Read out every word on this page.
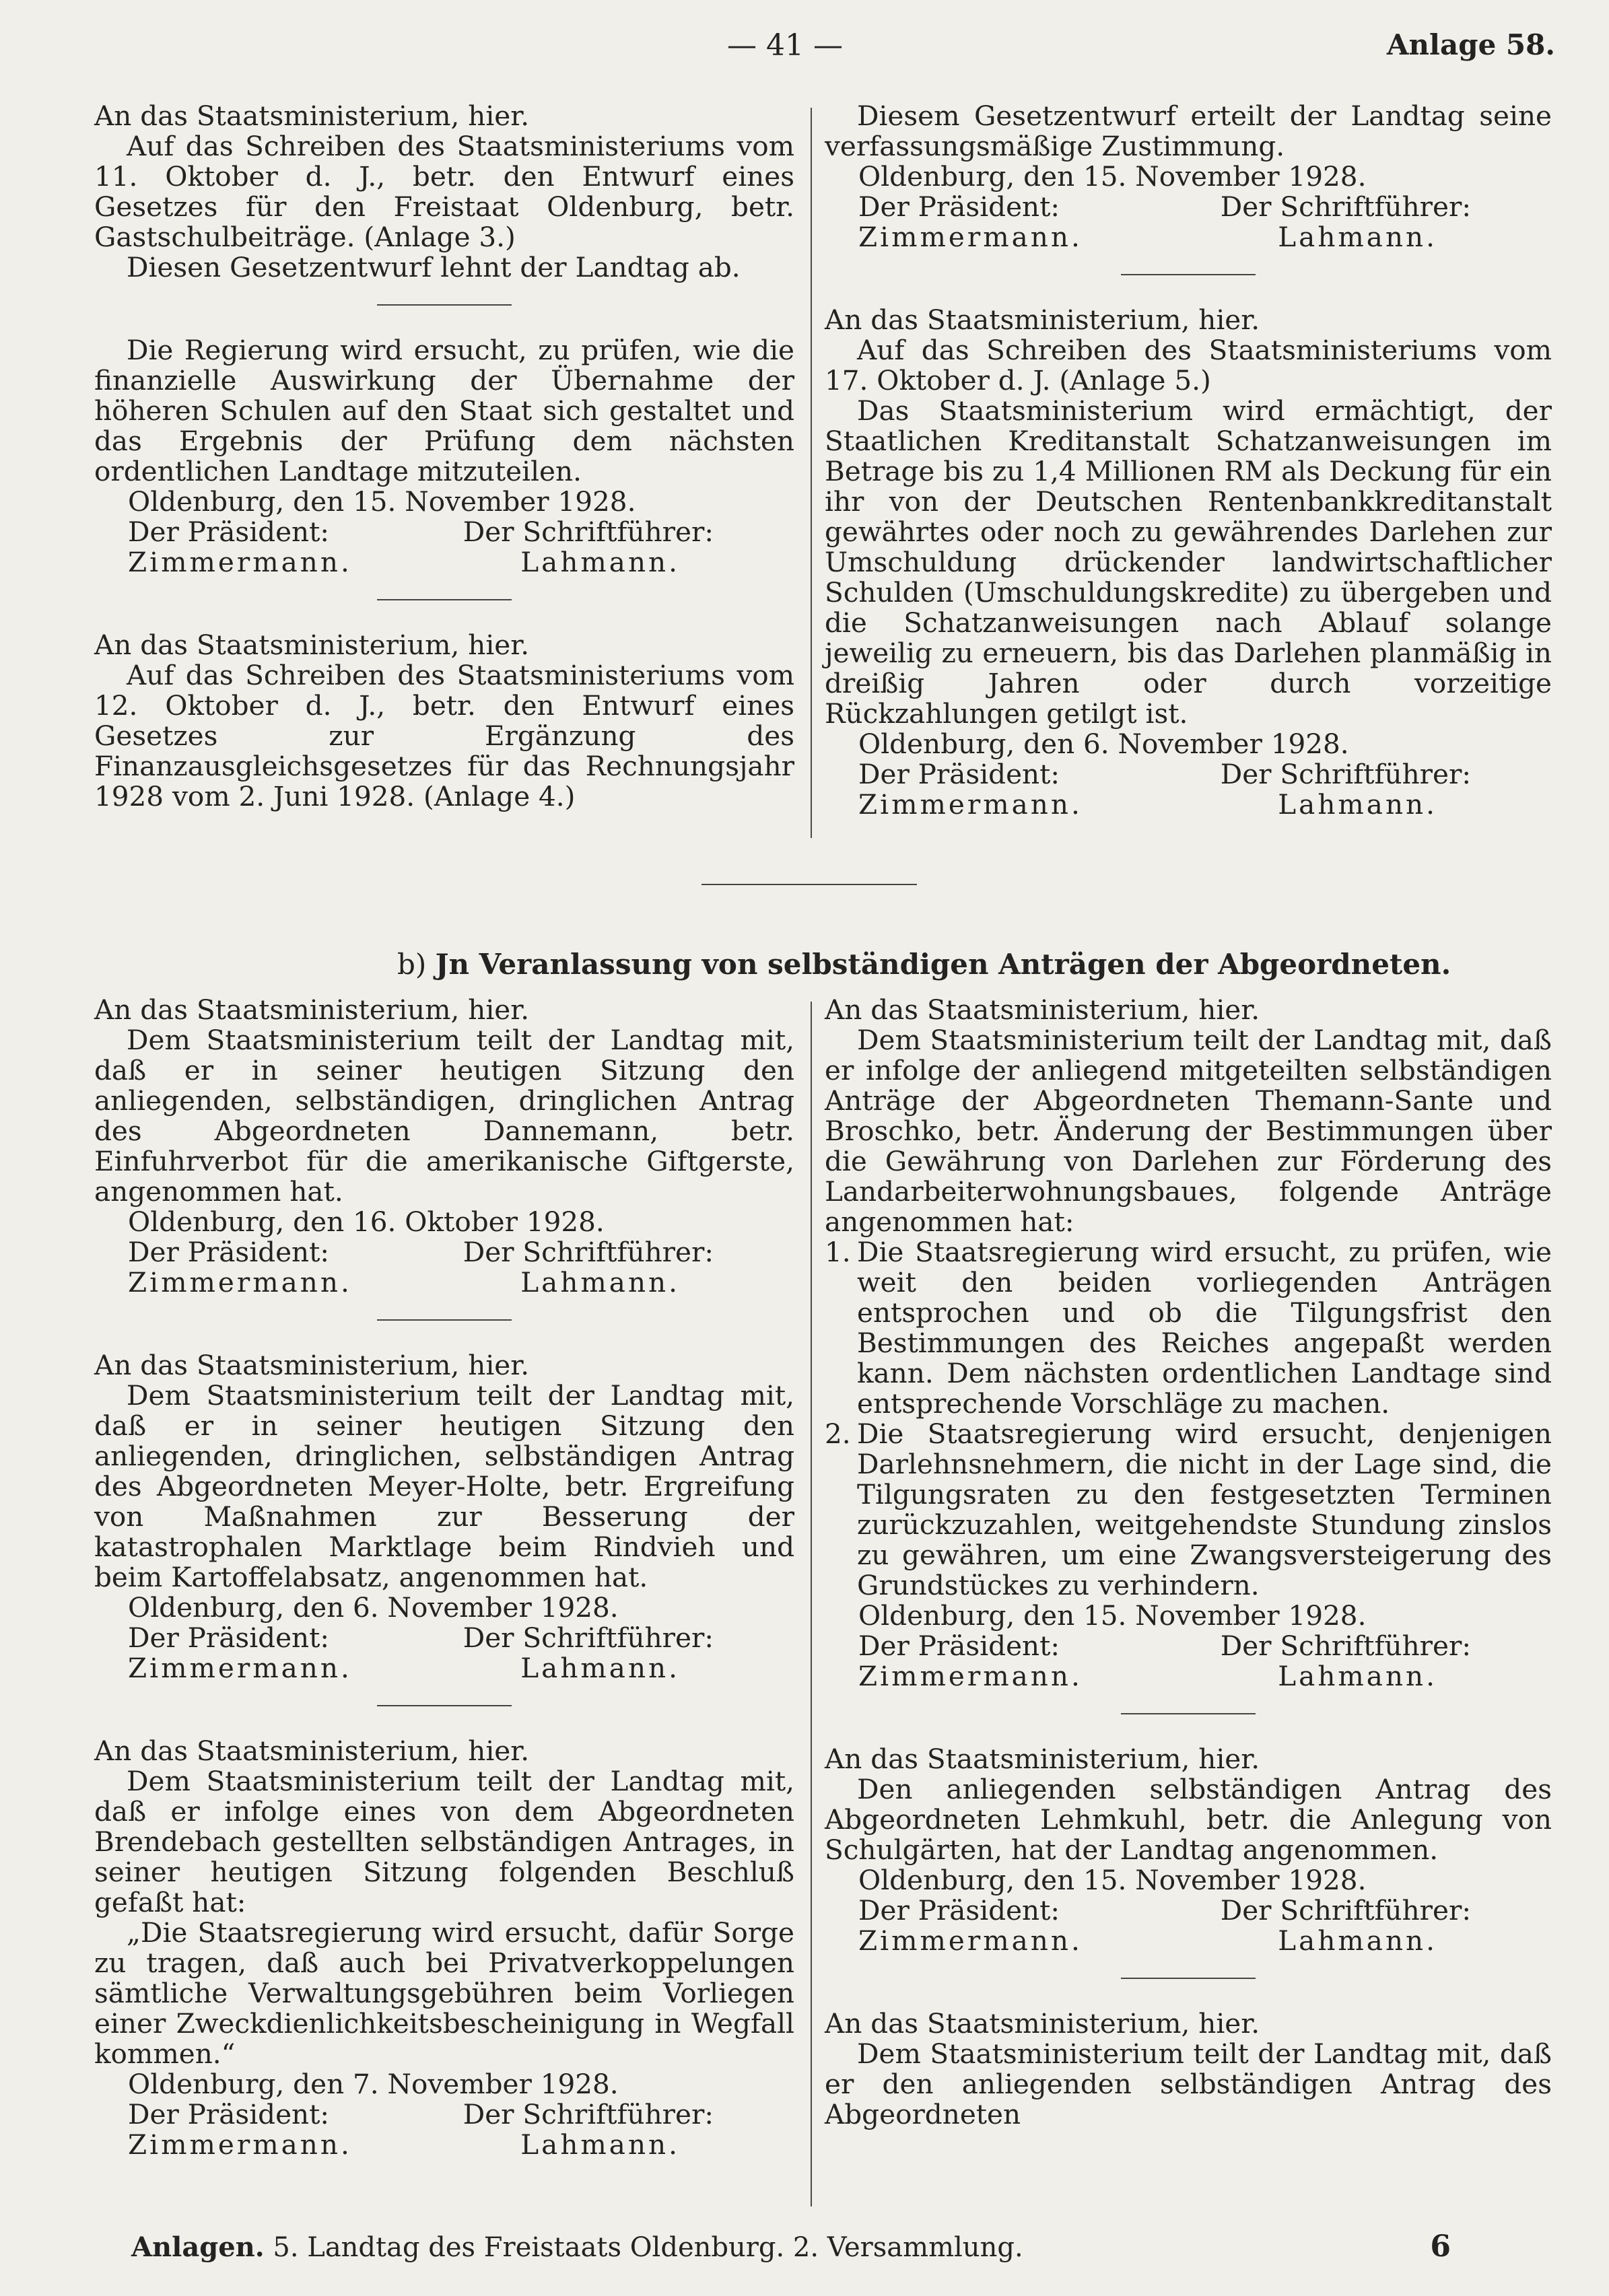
— 41 —	Anlage 58.

An das Staatsministerium, hier.

Auf das Schreiben des Staatsministeriums vom 11. Oktober d. J., betr. den Entwurf eines Gesetzes für den Freistaat Oldenburg, betr. Gastschulbeiträge. (Anlage 3.)

Diesen Gesetzentwurf lehnt der Landtag ab.

Die Regierung wird ersucht, zu prüfen, wie die finanzielle Auswirkung der Übernahme der höheren Schulen auf den Staat sich gestaltet und das Ergebnis der Prüfung dem nächsten ordentlichen Landtage mitzuteilen.

Oldenburg, den 15. November 1928.

Der Präsident:	Der Schriftführer:
Zimmermann.	Lahmann.

An das Staatsministerium, hier.

Auf das Schreiben des Staatsministeriums vom 12. Oktober d. J., betr. den Entwurf eines Gesetzes zur Ergänzung des Finanzausgleichsgesetzes für das Rechnungsjahr 1928 vom 2. Juni 1928. (Anlage 4.)

Diesem Gesetzentwurf erteilt der Landtag seine verfassungsmäßige Zustimmung.

Oldenburg, den 15. November 1928.

Der Präsident:	Der Schriftführer:
Zimmermann.	Lahmann.

An das Staatsministerium, hier.

Auf das Schreiben des Staatsministeriums vom 17. Oktober d. J. (Anlage 5.)

Das Staatsministerium wird ermächtigt, der Staatlichen Kreditanstalt Schatzanweisungen im Betrage bis zu 1,4 Millionen RM als Deckung für ein ihr von der Deutschen Rentenbankkreditanstalt gewährtes oder noch zu gewährendes Darlehen zur Umschuldung drückender landwirtschaftlicher Schulden (Umschuldungskredite) zu übergeben und die Schatzanweisungen nach Ablauf solange jeweilig zu erneuern, bis das Darlehen planmäßig in dreißig Jahren oder durch vorzeitige Rückzahlungen getilgt ist.

Oldenburg, den 6. November 1928.

Der Präsident:	Der Schriftführer:
Zimmermann.	Lahmann.
b) Jn Veranlassung von selbständigen Anträgen der Abgeordneten.

An das Staatsministerium, hier.

Dem Staatsministerium teilt der Landtag mit, daß er in seiner heutigen Sitzung den anliegenden, selbständigen, dringlichen Antrag des Abgeordneten Dannemann, betr. Einfuhrverbot für die amerikanische Giftgerste, angenommen hat.

Oldenburg, den 16. Oktober 1928.

Der Präsident:	Der Schriftführer:
Zimmermann.	Lahmann.

An das Staatsministerium, hier.

Dem Staatsministerium teilt der Landtag mit, daß er in seiner heutigen Sitzung den anliegenden, dringlichen, selbständigen Antrag des Abgeordneten Meyer-Holte, betr. Ergreifung von Maßnahmen zur Besserung der katastrophalen Marktlage beim Rindvieh und beim Kartoffelabsatz, angenommen hat.

Oldenburg, den 6. November 1928.

Der Präsident:	Der Schriftführer:
Zimmermann.	Lahmann.

An das Staatsministerium, hier.

Dem Staatsministerium teilt der Landtag mit, daß er infolge eines von dem Abgeordneten Brendebach gestellten selbständigen Antrages, in seiner heutigen Sitzung folgenden Beschluß gefaßt hat:

„Die Staatsregierung wird ersucht, dafür Sorge zu tragen, daß auch bei Privatverkoppelungen sämtliche Verwaltungsgebühren beim Vorliegen einer Zweckdienlichkeitsbescheinigung in Wegfall kommen.“

Oldenburg, den 7. November 1928.

Der Präsident:	Der Schriftführer:
Zimmermann.	Lahmann.

An das Staatsministerium, hier.

Dem Staatsministerium teilt der Landtag mit, daß er infolge der anliegend mitgeteilten selbständigen Anträge der Abgeordneten Themann-Sante und Broschko, betr. Änderung der Bestimmungen über die Gewährung von Darlehen zur Förderung des Landarbeiterwohnungsbaues, folgende Anträge angenommen hat:

1. Die Staatsregierung wird ersucht, zu prüfen, wie weit den beiden vorliegenden Anträgen entsprochen und ob die Tilgungsfrist den Bestimmungen des Reiches angepaßt werden kann. Dem nächsten ordentlichen Landtage sind entsprechende Vorschläge zu machen.
2. Die Staatsregierung wird ersucht, denjenigen Darlehnsnehmern, die nicht in der Lage sind, die Tilgungsraten zu den festgesetzten Terminen zurückzuzahlen, weitgehendste Stundung zinslos zu gewähren, um eine Zwangsversteigerung des Grundstückes zu verhindern.

Oldenburg, den 15. November 1928.

Der Präsident:	Der Schriftführer:
Zimmermann.	Lahmann.

An das Staatsministerium, hier.

Den anliegenden selbständigen Antrag des Abgeordneten Lehmkuhl, betr. die Anlegung von Schulgärten, hat der Landtag angenommen.

Oldenburg, den 15. November 1928.

Der Präsident:	Der Schriftführer:
Zimmermann.	Lahmann.

An das Staatsministerium, hier.

Dem Staatsministerium teilt der Landtag mit, daß er den anliegenden selbständigen Antrag des Abgeordneten

Anlagen. 5. Landtag des Freistaats Oldenburg. 2. Versammlung.	6
